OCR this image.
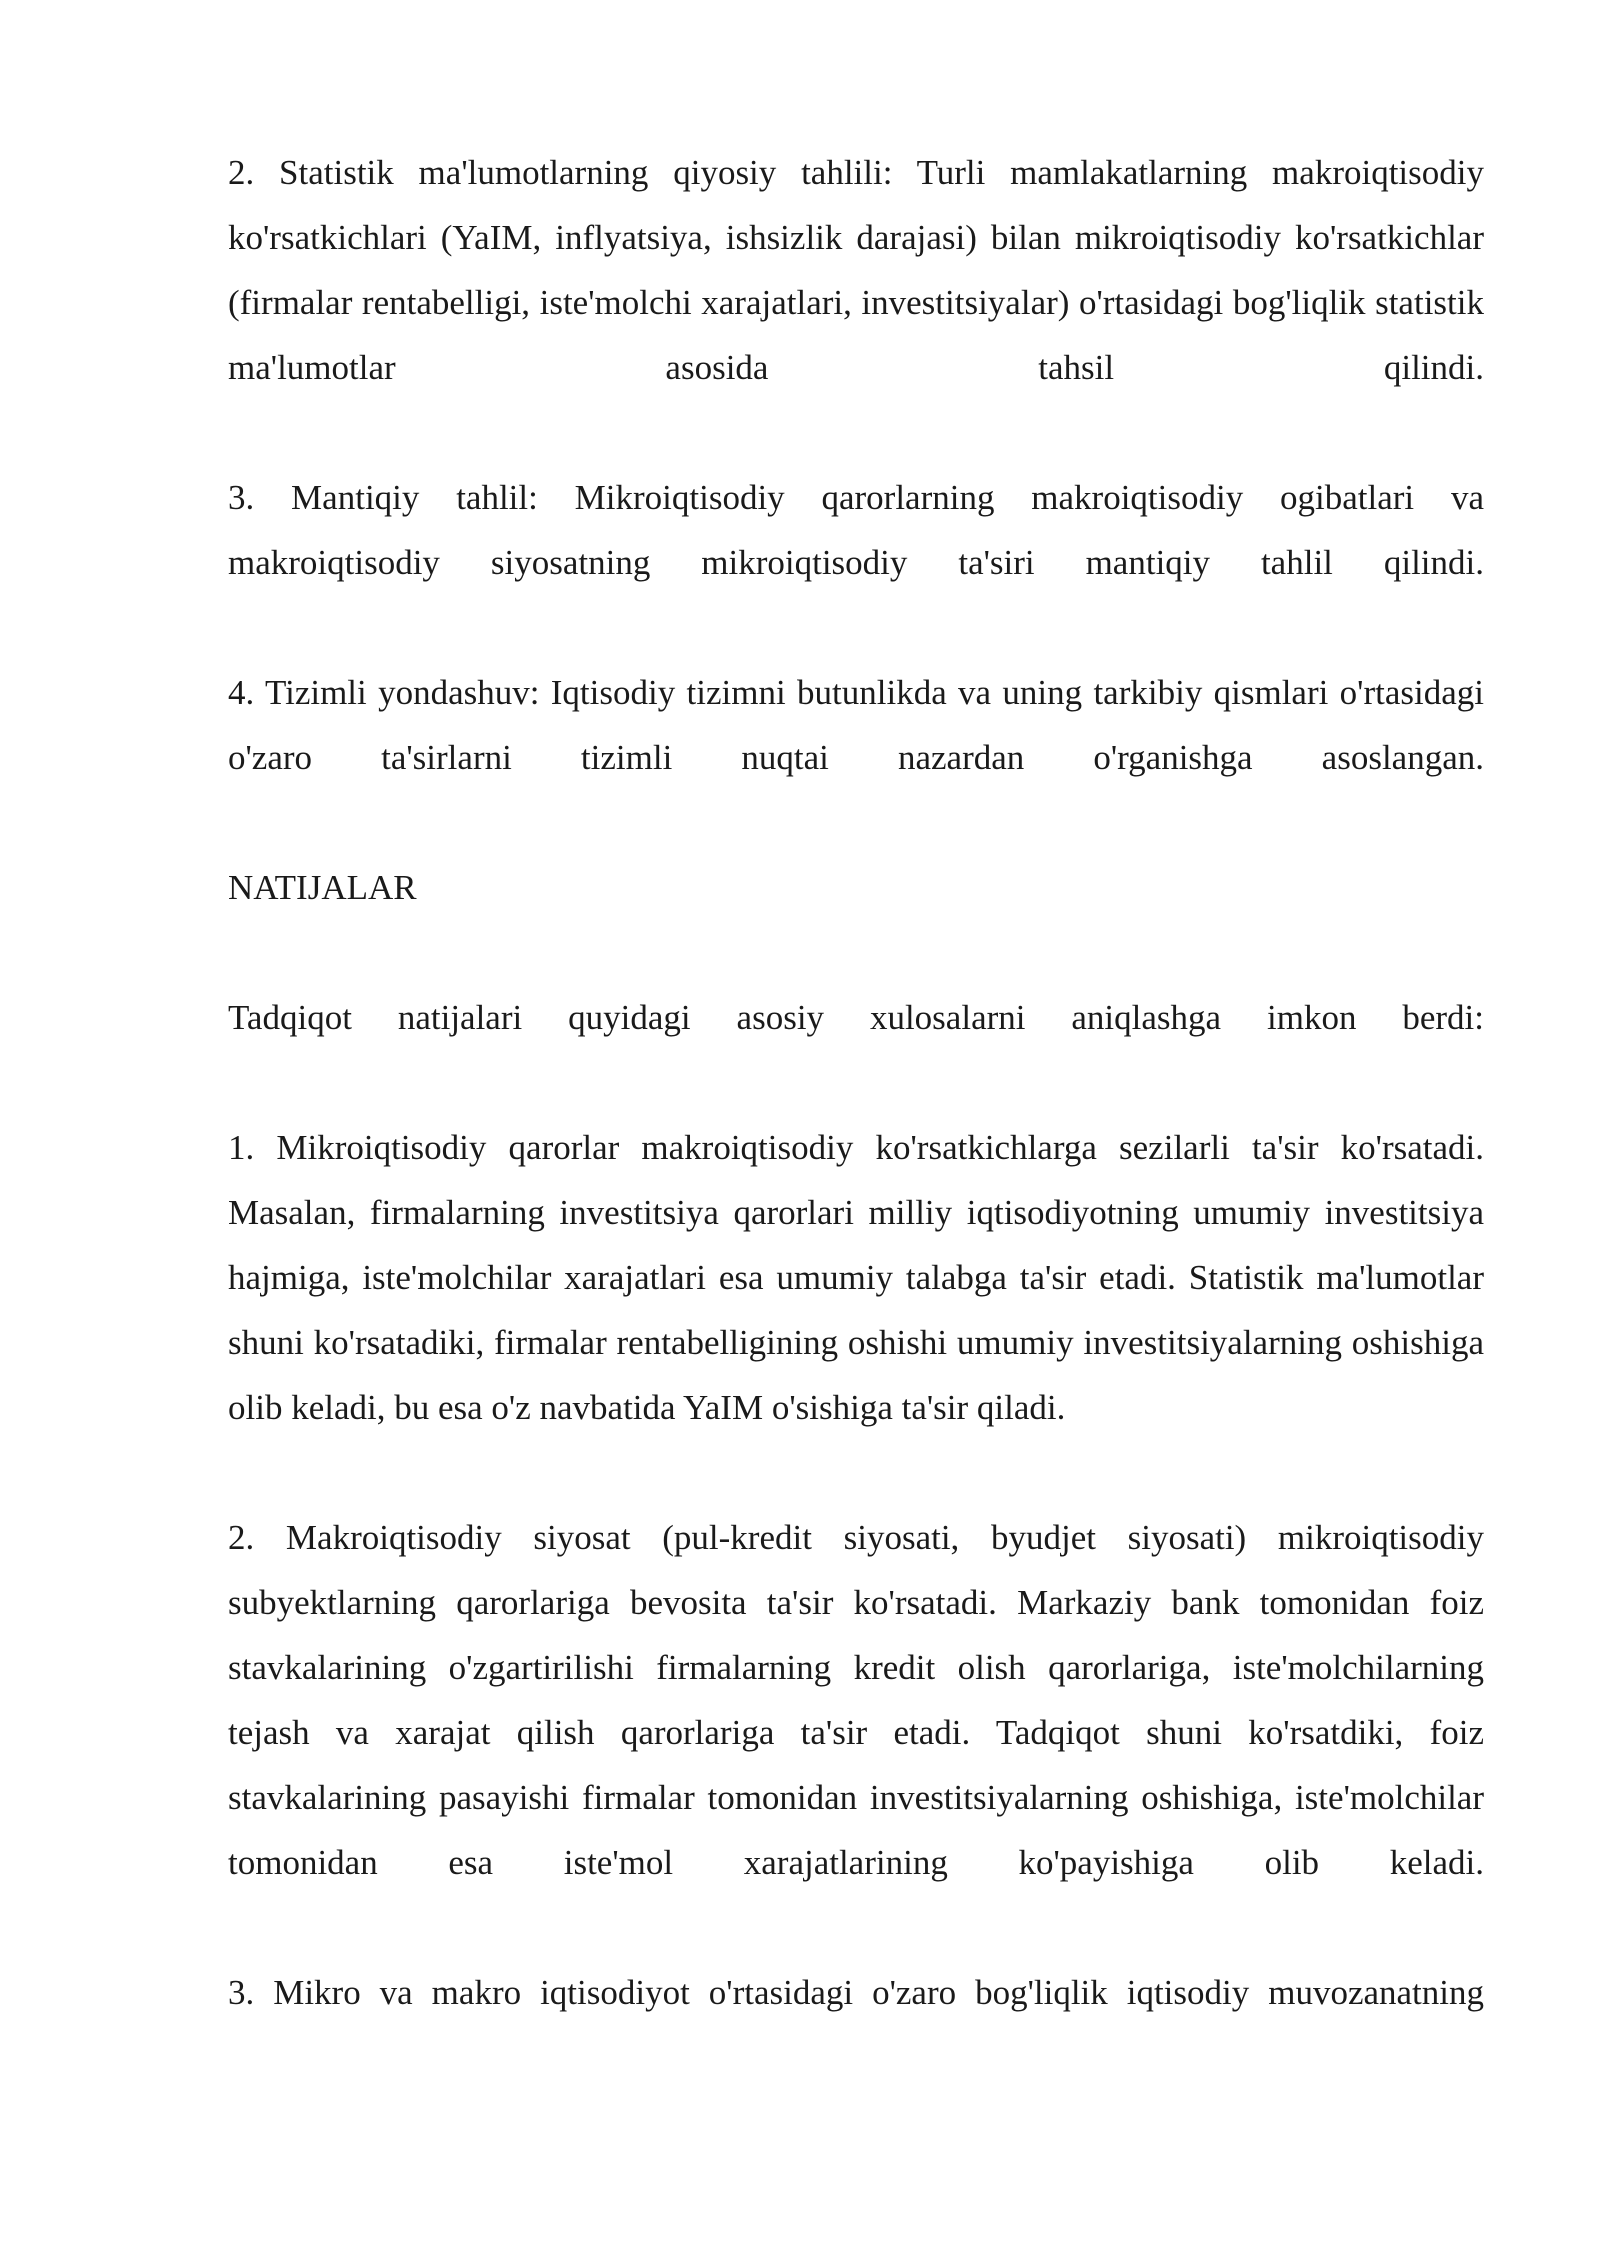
2. Statistik ma'lumotlarning qiyosiy tahlili: Turli mamlakatlarning makroiqtisodiy ko'rsatkichlari (YaIM, inflyatsiya, ishsizlik darajasi) bilan mikroiqtisodiy ko'rsatkichlar (firmalar rentabelligi, iste'molchi xarajatlari, investitsiyalar) o'rtasidagi bog'liqlik statistik ma'lumotlar asosida tahsil qilindi.

3. Mantiqiy tahlil: Mikroiqtisodiy qarorlarning makroiqtisodiy ogibatlari va makroiqtisodiy siyosatning mikroiqtisodiy ta'siri mantiqiy tahlil qilindi.

4. Tizimli yondashuv: Iqtisodiy tizimni butunlikda va uning tarkibiy qismlari o'rtasidagi o'zaro ta'sirlarni tizimli nuqtai nazardan o'rganishga asoslangan.

NATIJALAR

Tadqiqot natijalari quyidagi asosiy xulosalarni aniqlashga imkon berdi:

1. Mikroiqtisodiy qarorlar makroiqtisodiy ko'rsatkichlarga sezilarli ta'sir ko'rsatadi. Masalan, firmalarning investitsiya qarorlari milliy iqtisodiyotning umumiy investitsiya hajmiga, iste'molchilar xarajatlari esa umumiy talabga ta'sir etadi. Statistik ma'lumotlar shuni ko'rsatadiki, firmalar rentabelligining oshishi umumiy investitsiyalarning oshishiga olib keladi, bu esa o'z navbatida YaIM o'sishiga ta'sir qiladi.

2. Makroiqtisodiy siyosat (pul-kredit siyosati, byudjet siyosati) mikroiqtisodiy subyektlarning qarorlariga bevosita ta'sir ko'rsatadi. Markaziy bank tomonidan foiz stavkalarining o'zgartirilishi firmalarning kredit olish qarorlariga, iste'molchilarning tejash va xarajat qilish qarorlariga ta'sir etadi. Tadqiqot shuni ko'rsatdiki, foiz stavkalarining pasayishi firmalar tomonidan investitsiyalarning oshishiga, iste'molchilar tomonidan esa iste'mol xarajatlarining ko'payishiga olib keladi.

3. Mikro va makro iqtisodiyot o'rtasidagi o'zaro bog'liqlik iqtisodiy muvozanatning
